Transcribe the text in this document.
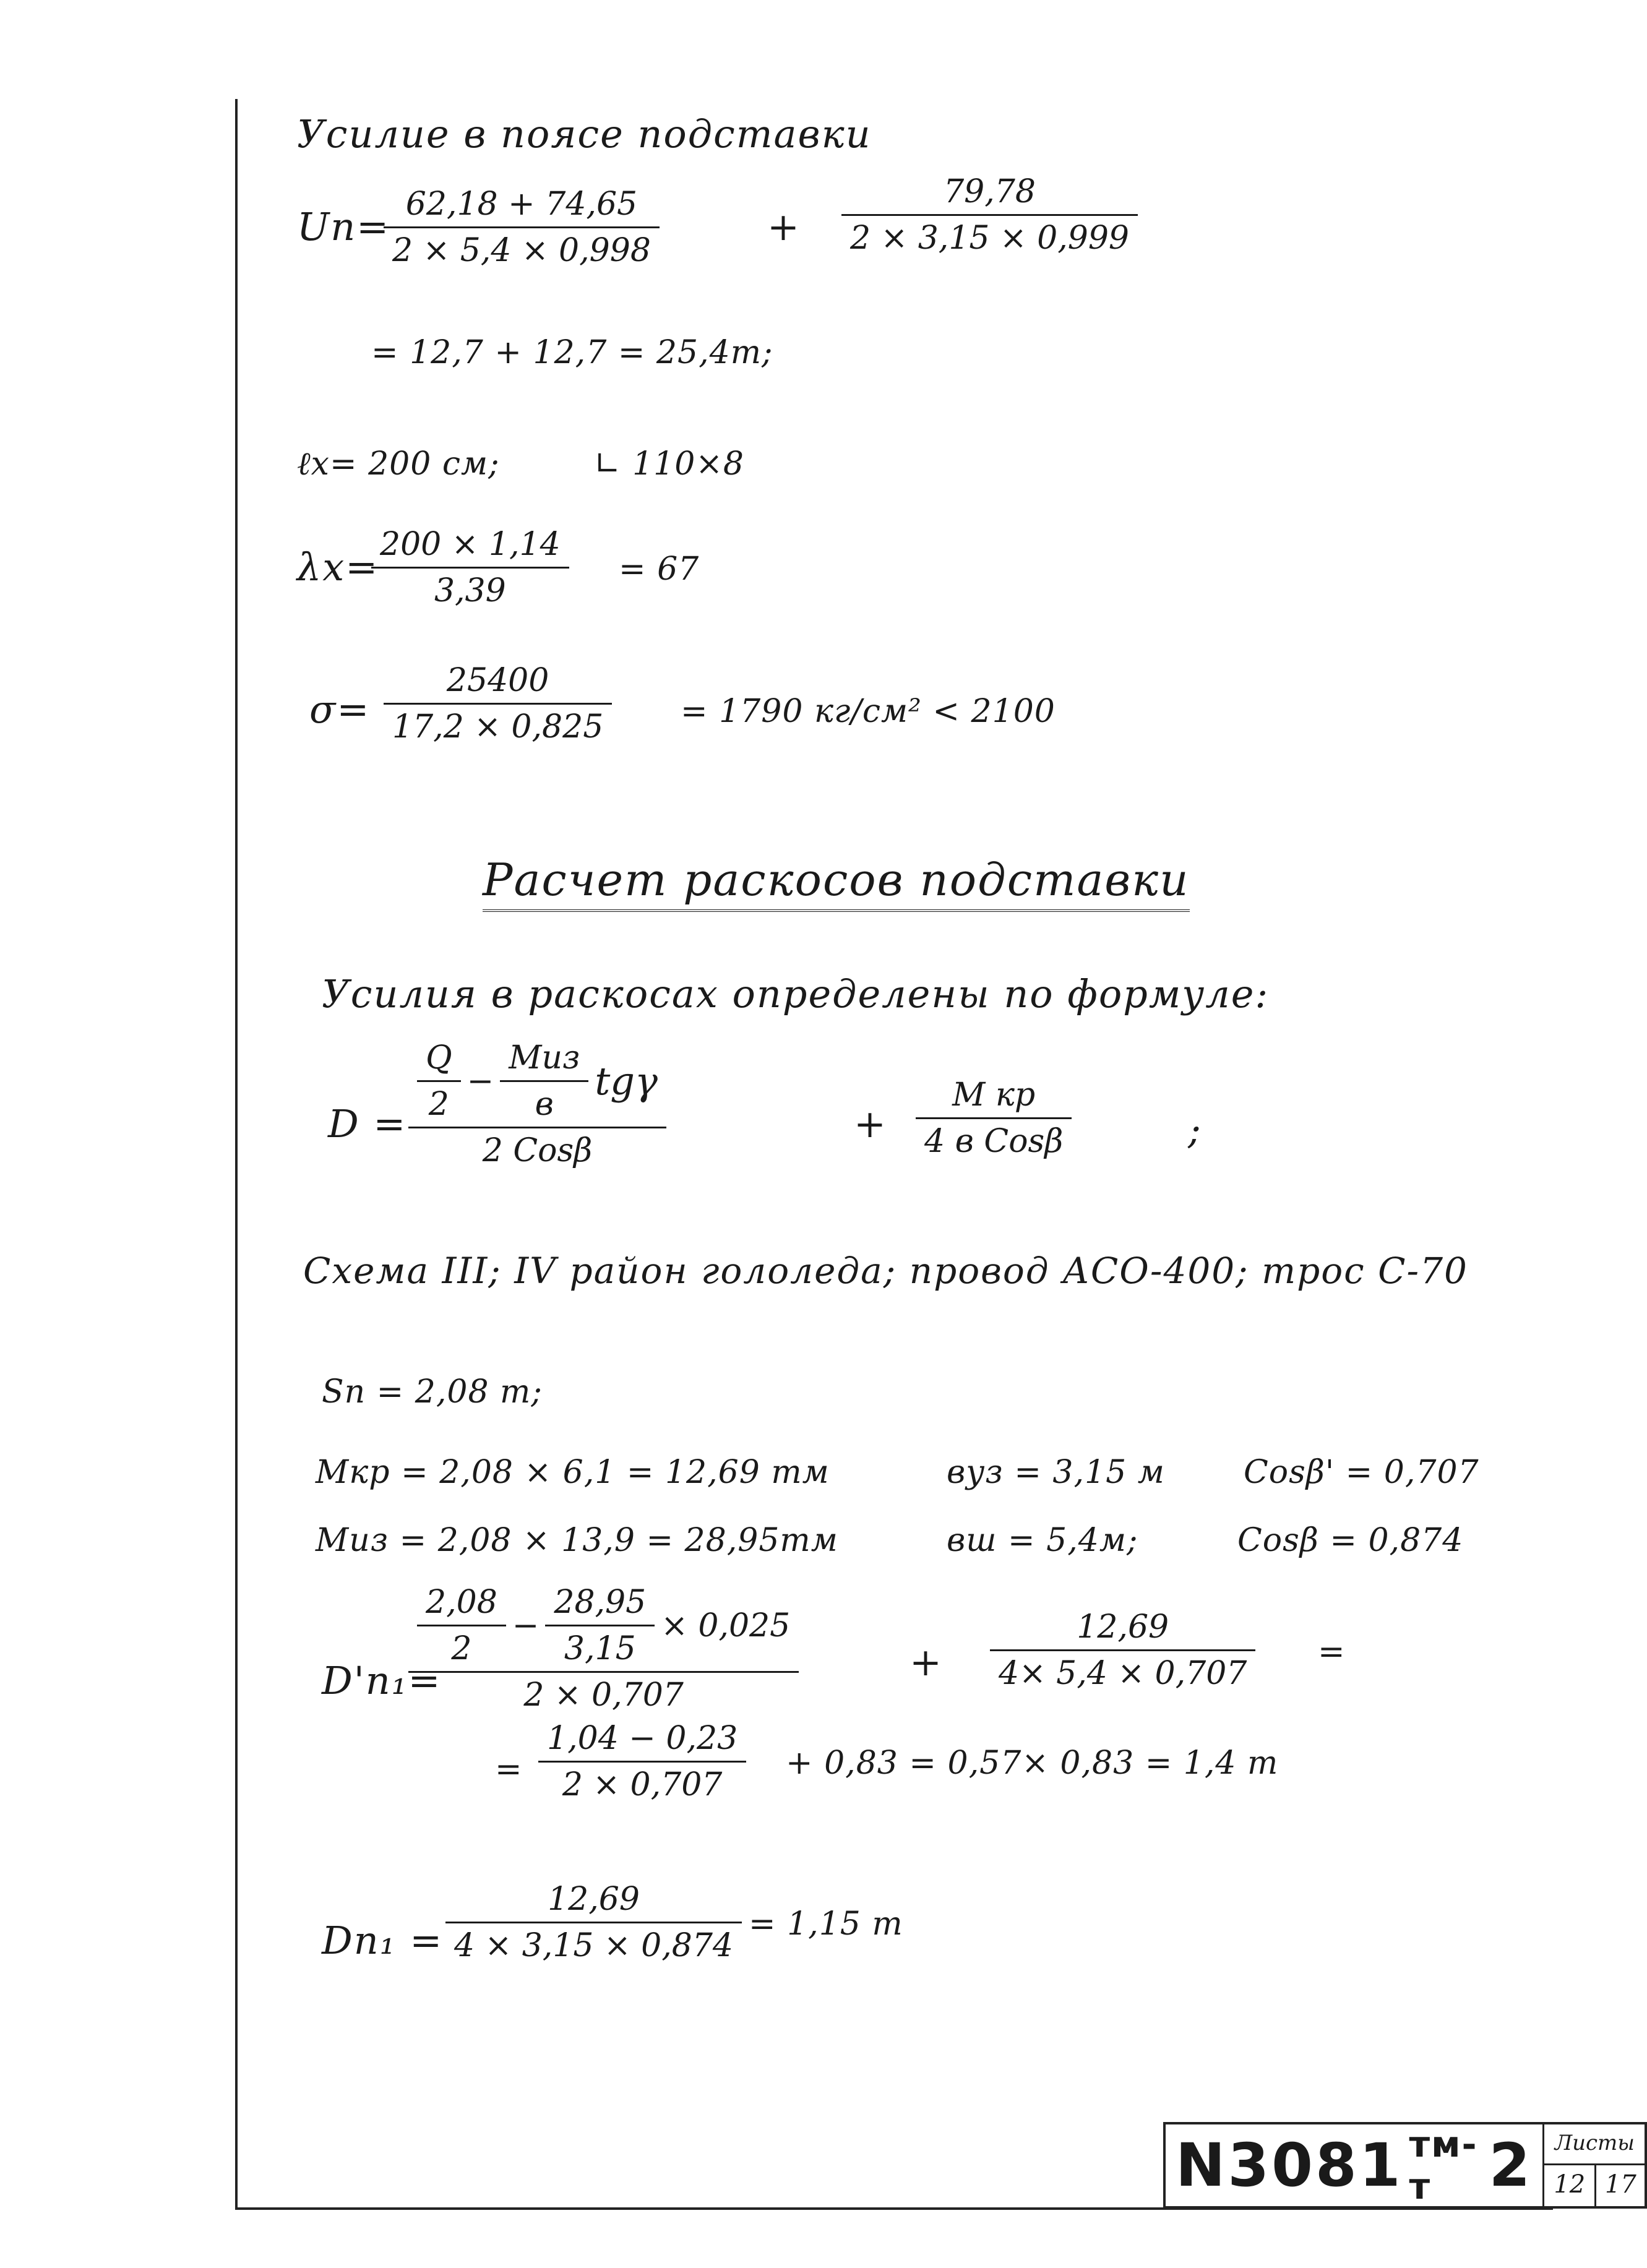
Усилие в поясе подставки
Uп= 62,18 + 74,65
2 × 5,4 × 0,998
+
79,78
2 × 3,15 × 0,999
= 12,7 + 12,7 = 25,4т;
ℓx= 200 см;	∟ 110×8
λx= 200 × 1,14
3,39
= 67
σ=
25400
17,2 × 0,825 = 1790 кг/см² < 2100
Расчет раскосов подставки
Усилия в раскосах определены по формуле:
D =
$\frac{Q}{2} - \frac{\text{Мuз}}{в}$ tgγ
2 Cosβ
+
М кр
4 в Cosβ	;
Схема III; IV район гололеда; провод АСО-400; трос С-70
Sп = 2,08 т;
Мкр = 2,08 × 6,1 = 12,69 тм	вуз = 3,15 м Cosβ' = 0,707
Мuз = 2,08 × 13,9 = 28,95тм	вш = 5,4м;	Cosβ = 0,874
D'п₁=
$\frac{2,08}{2} - \frac{28,95}{3,15} \times 0,025$
2 × 0,707
+
12,69
4× 5,4 × 0,707
=
=
1,04 − 0,23
2 × 0,707
+ 0,83 = 0,57× 0,83 = 1,4 т
Dп₁ =
12,69
4 × 3,15 × 0,874
= 1,15 т
N3081 тм-т 2	Листы
12 17
